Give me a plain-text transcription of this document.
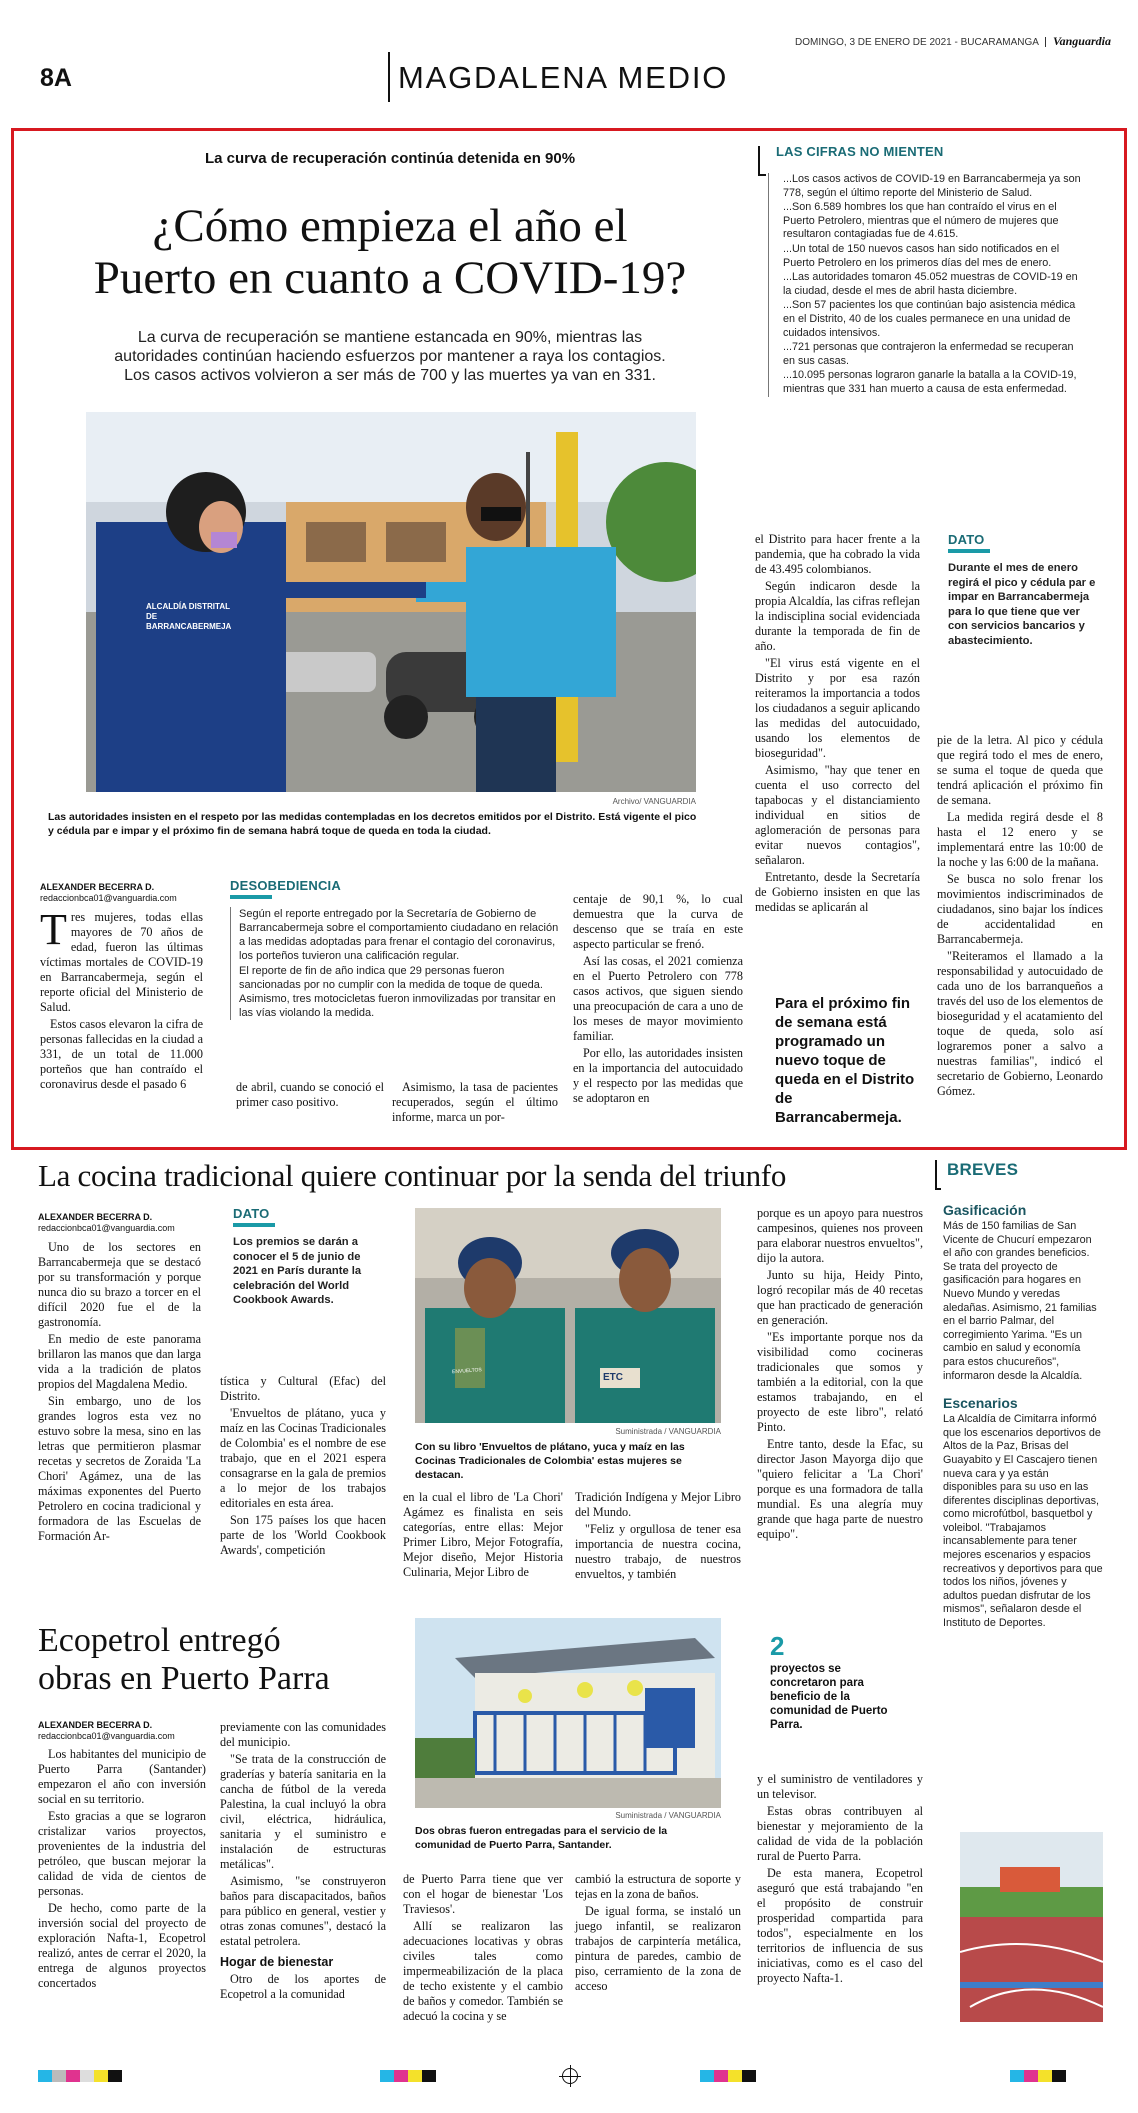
8A	MAGDALENA MEDIO
DOMINGO, 3 DE ENERO DE 2021 - BUCARAMANGA Vanguardia
La curva de recuperación continúa detenida en 90%
¿Cómo empieza el año el
Puerto en cuanto a COVID-19?
La curva de recuperación se mantiene estancada en 90%, mientras las
autoridades continúan haciendo esfuerzos por mantener a raya los contagios.
Los casos activos volvieron a ser más de 700 y las muertes ya van en 331.
ALCALDÍA DISTRITAL DE BARRANCABERMEJA
Archivo/ VANGUARDIA
Las autoridades insisten en el respeto por las medidas contempladas en los decretos emitidos por el Distrito. Está vigente el pico y cédula par e impar y el próximo fin de semana habrá toque de queda en toda la ciudad.
ALEXANDER BECERRA D.
redaccionbca01@vanguardia.com

Tres mujeres, todas ellas mayores de 70 años de edad, fueron las últimas víctimas mortales de COVID-19 en Barrancabermeja, según el reporte oficial del Ministerio de Salud.

Estos casos elevaron la cifra de personas fallecidas en la ciudad a 331, de un total de 11.000 porteños que han contraído el coronavirus desde el pasado 6

DESOBEDIENCIA

Según el reporte entregado por la Secretaría de Gobierno de Barrancabermeja sobre el comportamiento ciudadano en relación a las medidas adoptadas para frenar el contagio del coronavirus, los porteños tuvieron una calificación regular.

El reporte de fin de año indica que 29 personas fueron sancionadas por no cumplir con la medida de toque de queda. Asimismo, tres motocicletas fueron inmovilizadas por transitar en las vías violando la medida.

de abril, cuando se conoció el primer caso positivo.
Asimismo, la tasa de pacientes recuperados, según el último informe, marca un por-

centaje de 90,1 %, lo cual demuestra que la curva de descenso que se traía en este aspecto particular se frenó.

Así las cosas, el 2021 comienza en el Puerto Petrolero con 778 casos activos, que siguen siendo una preocupación de cara a uno de los meses de mayor movimiento familiar.

Por ello, las autoridades insisten en la importancia del autocuidado y el respecto por las medidas que se adoptaron en

el Distrito para hacer frente a la pandemia, que ha cobrado la vida de 43.495 colombianos.

Según indicaron desde la propia Alcaldía, las cifras reflejan la indisciplina social evidenciada durante la temporada de fin de año.

"El virus está vigente en el Distrito y por esa razón reiteramos la importancia a todos los ciudadanos a seguir aplicando las medidas del autocuidado, usando los elementos de bioseguridad".

Asimismo, "hay que tener en cuenta el uso correcto del tapabocas y el distanciamiento individual en sitios de aglomeración de personas para evitar nuevos contagios", señalaron.

Entretanto, desde la Secretaría de Gobierno insisten en que las medidas se aplicarán al

Para el próximo fin de semana está programado un nuevo toque de queda en el Distrito de Barrancabermeja.

pie de la letra. Al pico y cédula que regirá todo el mes de enero, se suma el toque de queda que tendrá aplicación el próximo fin de semana.

La medida regirá desde el 8 hasta el 12 enero y se implementará entre las 10:00 de la noche y las 6:00 de la mañana.

Se busca no solo frenar los movimientos indiscriminados de ciudadanos, sino bajar los índices de accidentalidad en Barrancabermeja.

"Reiteramos el llamado a la responsabilidad y autocuidado de cada uno de los barranqueños a través del uso de los elementos de bioseguridad y el acatamiento del toque de queda, solo así lograremos poner a salvo a nuestras familias", indicó el secretario de Gobierno, Leonardo Gómez.

LAS CIFRAS NO MIENTEN

...Los casos activos de COVID-19 en Barrancabermeja ya son 778, según el último reporte del Ministerio de Salud.

...Son 6.589 hombres los que han contraído el virus en el Puerto Petrolero, mientras que el número de mujeres que resultaron contagiadas fue de 4.615.

...Un total de 150 nuevos casos han sido notificados en el Puerto Petrolero en los primeros días del mes de enero.

...Las autoridades tomaron 45.052 muestras de COVID-19 en la ciudad, desde el mes de abril hasta diciembre.

...Son 57 pacientes los que continúan bajo asistencia médica en el Distrito, 40 de los cuales permanece en una unidad de cuidados intensivos.

...721 personas que contrajeron la enfermedad se recuperan en sus casas.

...10.095 personas lograron ganarle la batalla a la COVID-19, mientras que 331 han muerto a causa de esta enfermedad.

DATO
Durante el mes de enero regirá el pico y cédula par e impar en Barrancabermeja para lo que tiene que ver con servicios bancarios y abastecimiento.
La cocina tradicional quiere continuar por la senda del triunfo
ALEXANDER BECERRA D.
redaccionbca01@vanguardia.com

Uno de los sectores en Barrancabermeja que se destacó por su transformación y porque nunca dio su brazo a torcer en el difícil 2020 fue el de la gastronomía.

En medio de este panorama brillaron las manos que dan larga vida a la tradición de platos propios del Magdalena Medio.

Sin embargo, uno de los grandes logros esta vez no estuvo sobre la mesa, sino en las letras que permitieron plasmar recetas y secretos de Zoraida 'La Chori' Agámez, una de las máximas exponentes del Puerto Petrolero en cocina tradicional y formadora de las Escuelas de Formación Ar-

DATO
Los premios se darán a conocer el 5 de junio de 2021 en París durante la celebración del World Cookbook Awards.

tística y Cultural (Efac) del Distrito.

'Envueltos de plátano, yuca y maíz en las Cocinas Tradicionales de Colombia' es el nombre de ese trabajo, que en el 2021 espera consagrarse en la gala de premios a lo mejor de los trabajos editoriales en esta área.

Son 175 países los que hacen parte de los 'World Cookbook Awards', competición

ENVUELTOS
ETC
Suministrada / VANGUARDIA
Con su libro 'Envueltos de plátano, yuca y maíz en las Cocinas Tradicionales de Colombia' estas mujeres se destacan.
en la cual el libro de 'La Chori' Agámez es finalista en seis categorías, entre ellas: Mejor Primer Libro, Mejor Fotografía, Mejor diseño, Mejor Historia Culinaria, Mejor Libro de

Tradición Indígena y Mejor Libro del Mundo.

"Feliz y orgullosa de tener esa importancia de nuestra cocina, nuestro trabajo, de nuestros envueltos, y también

porque es un apoyo para nuestros campesinos, quienes nos proveen para elaborar nuestros envueltos", dijo la autora.

Junto su hija, Heidy Pinto, logró recopilar más de 40 recetas que han practicado de generación en generación.

"Es importante porque nos da visibilidad como cocineras tradicionales que somos y también a la editorial, con la que estamos trabajando, en el proyecto de este libro", relató Pinto.

Entre tanto, desde la Efac, su director Jason Mayorga dijo que "quiero felicitar a 'La Chori' porque es una formadora de talla mundial. Es una alegría muy grande que haga parte de nuestro equipo".

BREVES
Gasificación
Más de 150 familias de San Vicente de Chucurí empezaron el año con grandes beneficios. Se trata del proyecto de gasificación para hogares en Nuevo Mundo y veredas aledañas. Asimismo, 21 familias en el barrio Palmar, del corregimiento Yarima. "Es un cambio en salud y economía para estos chucureños", informaron desde la Alcaldía.
Escenarios
La Alcaldía de Cimitarra informó que los escenarios deportivos de Altos de la Paz, Brisas del Guayabito y El Cascajero tienen nueva cara y ya están disponibles para su uso en las diferentes disciplinas deportivas, como microfútbol, basquetbol y voleibol. "Trabajamos incansablemente para tener mejores escenarios y espacios recreativos y deportivos para que todos los niños, jóvenes y adultos puedan disfrutar de los mismos", señalaron desde el Instituto de Deportes.
Ecopetrol entregó
obras en Puerto Parra
ALEXANDER BECERRA D.
redaccionbca01@vanguardia.com

Los habitantes del municipio de Puerto Parra (Santander) empezaron el año con inversión social en su territorio.

Esto gracias a que se lograron cristalizar varios proyectos, provenientes de la industria del petróleo, que buscan mejorar la calidad de vida de cientos de personas.

De hecho, como parte de la inversión social del proyecto de exploración Nafta-1, Ecopetrol realizó, antes de cerrar el 2020, la entrega de algunos proyectos concertados

previamente con las comunidades del municipio.

"Se trata de la construcción de graderías y batería sanitaria en la cancha de fútbol de la vereda Palestina, la cual incluyó la obra civil, eléctrica, hidráulica, sanitaria y el suministro e instalación de estructuras metálicas".

Asimismo, "se construyeron baños para discapacitados, baños para público en general, vestier y otras zonas comunes", destacó la estatal petrolera.

Hogar de bienestar

Otro de los aportes de Ecopetrol a la comunidad

Suministrada / VANGUARDIA
Dos obras fueron entregadas para el servicio de la comunidad de Puerto Parra, Santander.

de Puerto Parra tiene que ver con el hogar de bienestar 'Los Traviesos'.

Allí se realizaron las adecuaciones locativas y obras civiles tales como impermeabilización de la placa de techo existente y el cambio de baños y comedor. También se adecuó la cocina y se

cambió la estructura de soporte y tejas en la zona de baños.

De igual forma, se instaló un juego infantil, se realizaron trabajos de carpintería metálica, pintura de paredes, cambio de piso, cerramiento de la zona de acceso

2
proyectos se concretaron para beneficio de la comunidad de Puerto Parra.

y el suministro de ventiladores y un televisor.

Estas obras contribuyen al bienestar y mejoramiento de la calidad de vida de la población rural de Puerto Parra.

De esta manera, Ecopetrol aseguró que está trabajando "en el propósito de construir prosperidad compartida para todos", especialmente en los territorios de influencia de sus iniciativas, como es el caso del proyecto Nafta-1.
